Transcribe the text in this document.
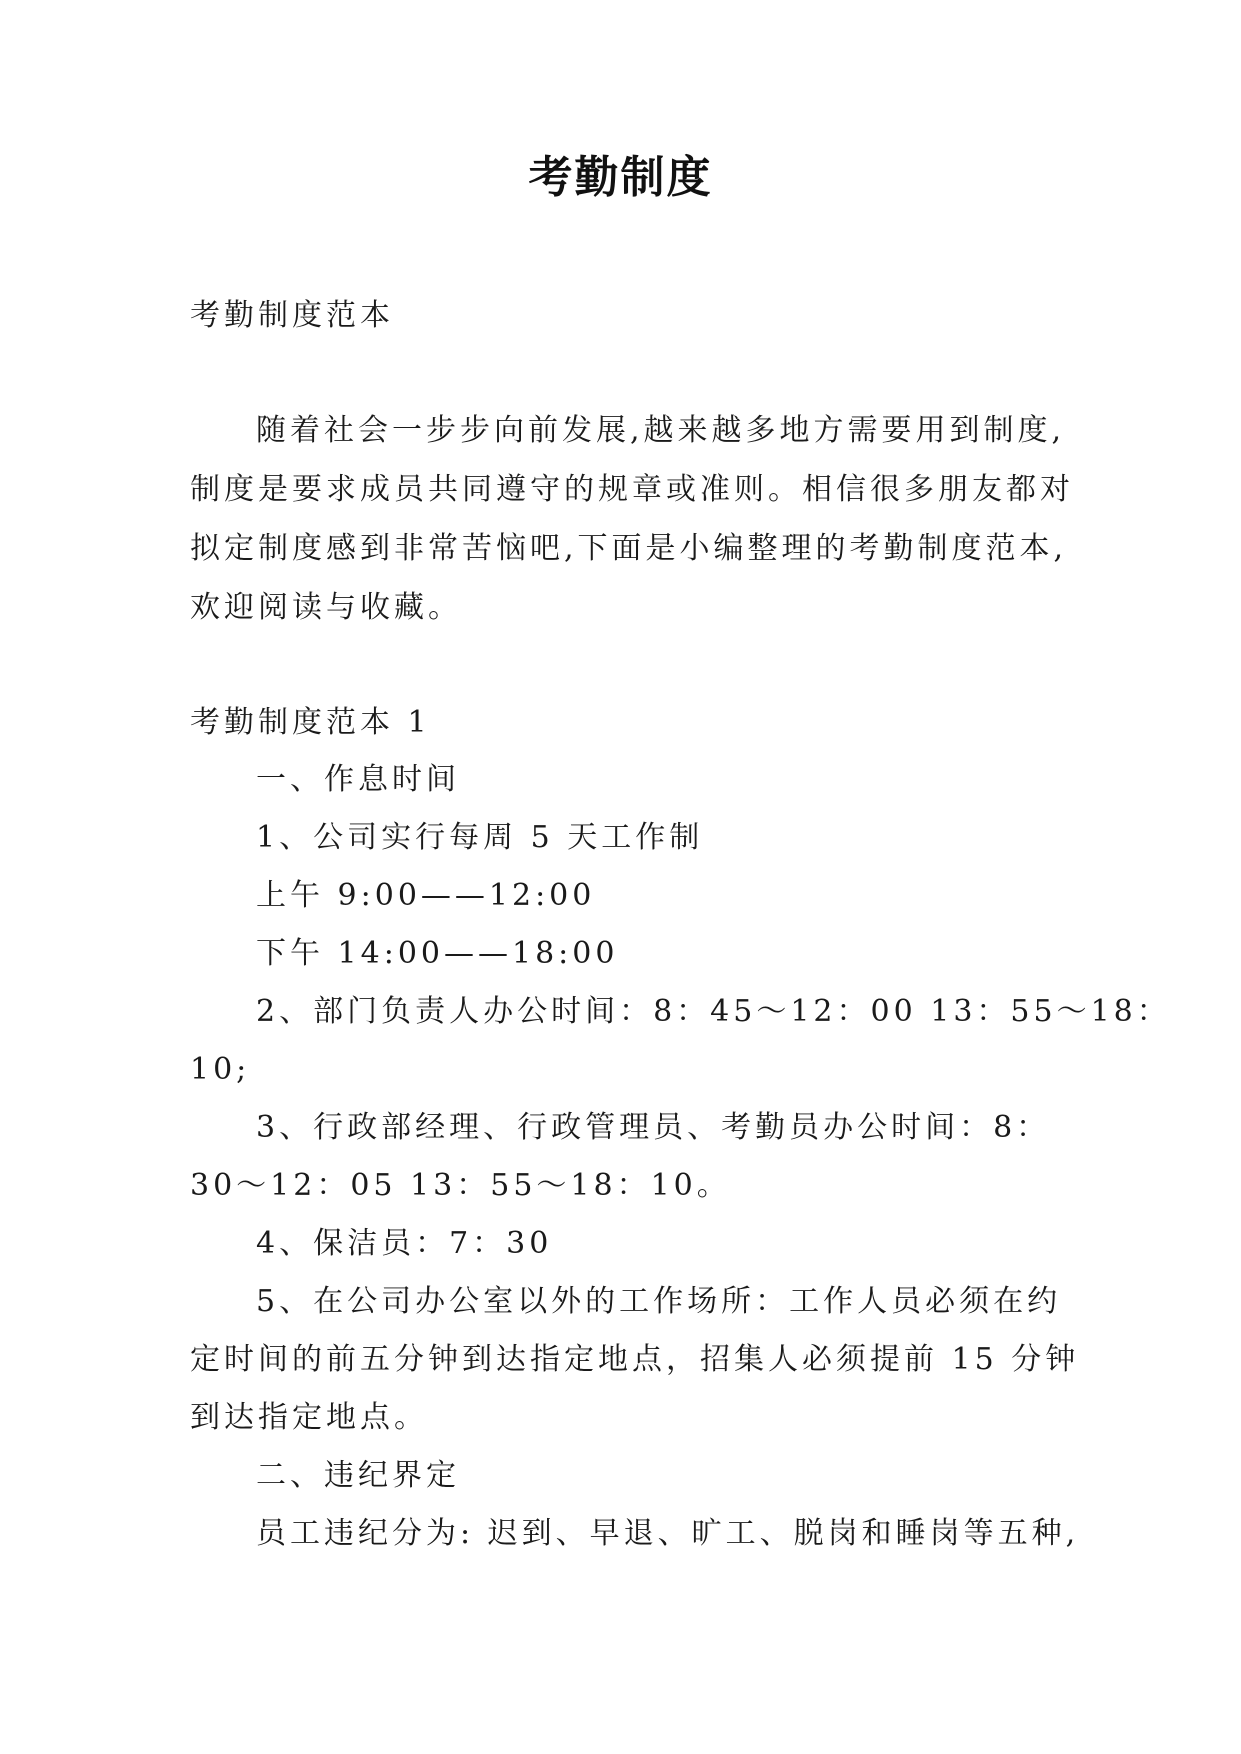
考勤制度
考勤制度范本
随着社会一步步向前发展,越来越多地方需要用到制度,
制度是要求成员共同遵守的规章或准则。相信很多朋友都对
拟定制度感到非常苦恼吧,下面是小编整理的考勤制度范本,
欢迎阅读与收藏。
考勤制度范本 1
一、作息时间
1、公司实行每周 5 天工作制
上午 9:00——12:00
下午 14:00——18:00
2、部门负责人办公时间：8：45～12：00 13：55～18：
10;
3、行政部经理、行政管理员、考勤员办公时间：8：
30～12：05 13：55～18：10。
4、保洁员：7：30
5、在公司办公室以外的工作场所：工作人员必须在约
定时间的前五分钟到达指定地点，招集人必须提前 15 分钟
到达指定地点。
二、违纪界定
员工违纪分为: 迟到、早退、旷工、脱岗和睡岗等五种,
